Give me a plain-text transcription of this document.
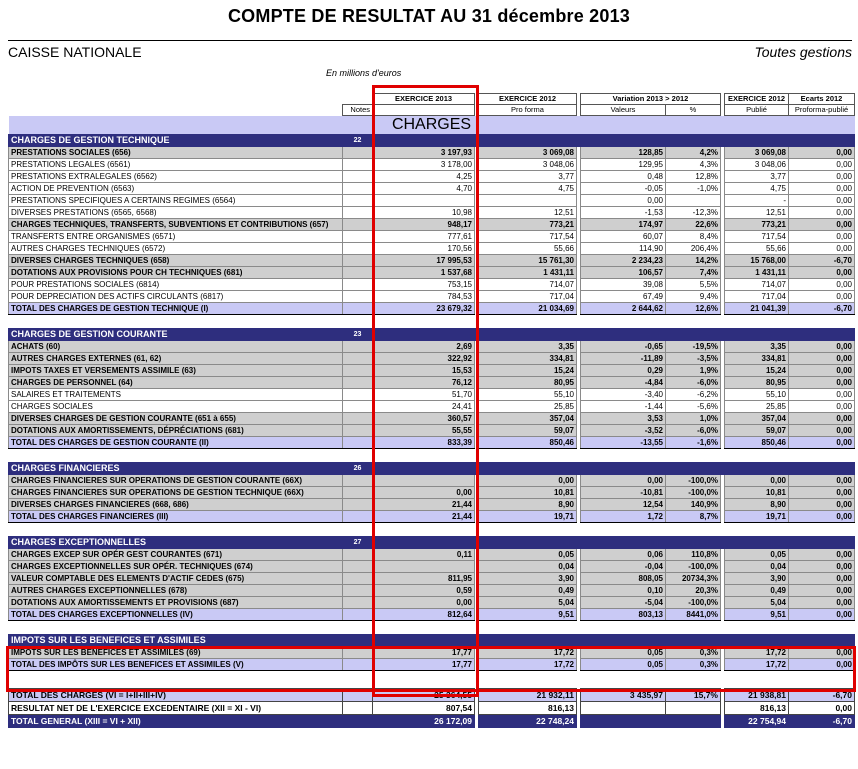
COMPTE DE RESULTAT AU 31 décembre 2013
CAISSE NATIONALE	Toutes gestions
En millions d'euros
		EXERCICE 2013		EXERCICE 2012		Variation 2013 > 2012			EXERCICE 2012	Ecarts 2012
	Notes			Pro forma		Valeurs	%		Publié	Proforma-publié
CHARGES										
CHARGES DE GESTION TECHNIQUE	22									
PRESTATIONS SOCIALES (656)		3 197,93		3 069,08		128,85	4,2%		3 069,08	0,00
PRESTATIONS LEGALES (6561)		3 178,00		3 048,06		129,95	4,3%		3 048,06	0,00
PRESTATIONS EXTRALEGALES (6562)		4,25		3,77		0,48	12,8%		3,77	0,00
ACTION DE PREVENTION (6563)		4,70		4,75		-0,05	-1,0%		4,75	0,00
PRESTATIONS SPECIFIQUES A CERTAINS REGIMES (6564)						0,00			-	0,00
DIVERSES PRESTATIONS (6565, 6568)		10,98		12,51		-1,53	-12,3%		12,51	0,00
CHARGES TECHNIQUES, TRANSFERTS, SUBVENTIONS ET CONTRIBUTIONS (657)		948,17		773,21		174,97	22,6%		773,21	0,00
TRANSFERTS ENTRE ORGANISMES (6571)		777,61		717,54		60,07	8,4%		717,54	0,00
AUTRES CHARGES TECHNIQUES (6572)		170,56		55,66		114,90	206,4%		55,66	0,00
DIVERSES CHARGES TECHNIQUES (658)		17 995,53		15 761,30		2 234,23	14,2%		15 768,00	-6,70
DOTATIONS AUX PROVISIONS POUR CH TECHNIQUES (681)		1 537,68		1 431,11		106,57	7,4%		1 431,11	0,00
POUR PRESTATIONS SOCIALES (6814)		753,15		714,07		39,08	5,5%		714,07	0,00
POUR DEPRECIATION DES ACTIFS CIRCULANTS (6817)		784,53		717,04		67,49	9,4%		717,04	0,00
TOTAL DES CHARGES DE GESTION TECHNIQUE (I)		23 679,32		21 034,69		2 644,62	12,6%		21 041,39	-6,70

CHARGES DE GESTION COURANTE	23									
ACHATS (60)		2,69		3,35		-0,65	-19,5%		3,35	0,00
AUTRES CHARGES EXTERNES (61, 62)		322,92		334,81		-11,89	-3,5%		334,81	0,00
IMPOTS TAXES ET VERSEMENTS ASSIMILE (63)		15,53		15,24		0,29	1,9%		15,24	0,00
CHARGES DE PERSONNEL (64)		76,12		80,95		-4,84	-6,0%		80,95	0,00
SALAIRES ET TRAITEMENTS		51,70		55,10		-3,40	-6,2%		55,10	0,00
CHARGES SOCIALES		24,41		25,85		-1,44	-5,6%		25,85	0,00
DIVERSES CHARGES DE GESTION COURANTE (651 à 655)		360,57		357,04		3,53	1,0%		357,04	0,00
DOTATIONS AUX AMORTISSEMENTS, DÉPRÉCIATIONS (681)		55,55		59,07		-3,52	-6,0%		59,07	0,00
TOTAL DES CHARGES DE GESTION COURANTE (II)		833,39		850,46		-13,55	-1,6%		850,46	0,00

CHARGES FINANCIERES	26									
CHARGES FINANCIERES SUR OPERATIONS DE GESTION COURANTE (66X)				0,00		0,00	-100,0%		0,00	0,00
CHARGES FINANCIERES SUR OPERATIONS DE GESTION TECHNIQUE (66X)		0,00		10,81		-10,81	-100,0%		10,81	0,00
DIVERSES CHARGES FINANCIERES (668, 686)		21,44		8,90		12,54	140,9%		8,90	0,00
TOTAL DES CHARGES FINANCIERES (III)		21,44		19,71		1,72	8,7%		19,71	0,00

CHARGES EXCEPTIONNELLES	27									
CHARGES EXCEP SUR OPÉR GEST COURANTES (671)		0,11		0,05		0,06	110,8%		0,05	0,00
CHARGES EXCEPTIONNELLES SUR OPÉR. TECHNIQUES (674)				0,04		-0,04	-100,0%		0,04	0,00
VALEUR COMPTABLE DES ELEMENTS D'ACTIF CEDES (675)		811,95		3,90		808,05	20734,3%		3,90	0,00
AUTRES CHARGES EXCEPTIONNELLES (678)		0,59		0,49		0,10	20,3%		0,49	0,00
DOTATIONS AUX AMORTISSEMENTS ET PROVISIONS (687)		0,00		5,04		-5,04	-100,0%		5,04	0,00
TOTAL DES CHARGES EXCEPTIONNELLES (IV)		812,64		9,51		803,13	8441,0%		9,51	0,00

IMPOTS SUR LES BENEFICES ET ASSIMILES										
IMPÔTS SUR LES BÉNÉFICES ET ASSIMILES (69)		17,77		17,72		0,05	0,3%		17,72	0,00
TOTAL DES IMPÔTS SUR LES BENEFICES ET ASSIMILES (V)		17,77		17,72		0,05	0,3%		17,72	0,00

TOTAL DES CHARGES (VI = I+II+III+IV)		25 364,55		21 932,11		3 435,97	15,7%		21 938,81	-6,70
RESULTAT NET DE L'EXERCICE EXCEDENTAIRE (XII = XI - VI)		807,54		816,13					816,13	0,00
TOTAL GENERAL (XIII = VI + XII)		26 172,09		22 748,24					22 754,94	-6,70
